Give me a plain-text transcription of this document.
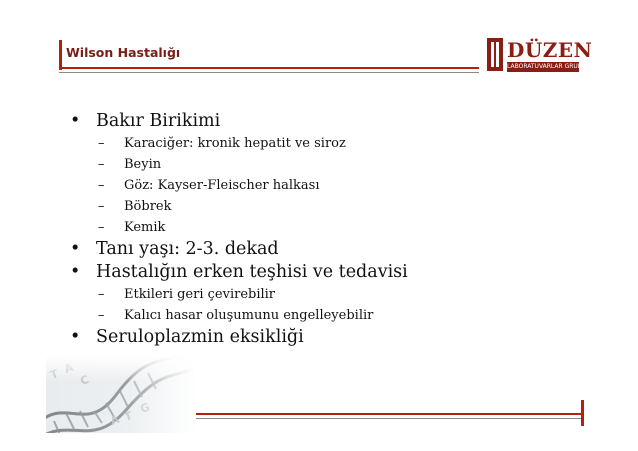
Wilson Hastalığı	DÜZEN
LABORATUVARLAR GRUBU
• Bakır Birikimi
– Karaciğer: kronik hepatit ve siroz
– Beyin
– Göz: Kayser-Fleischer halkası
– Böbrek
– Kemik
• Tanı yaşı: 2-3. dekad
• Hastalığın erken teşhisi ve tedavisi
– Etkileri geri çevirebilir
– Kalıcı hasar oluşumunu engelleyebilir
• Seruloplazmin eksikliği
